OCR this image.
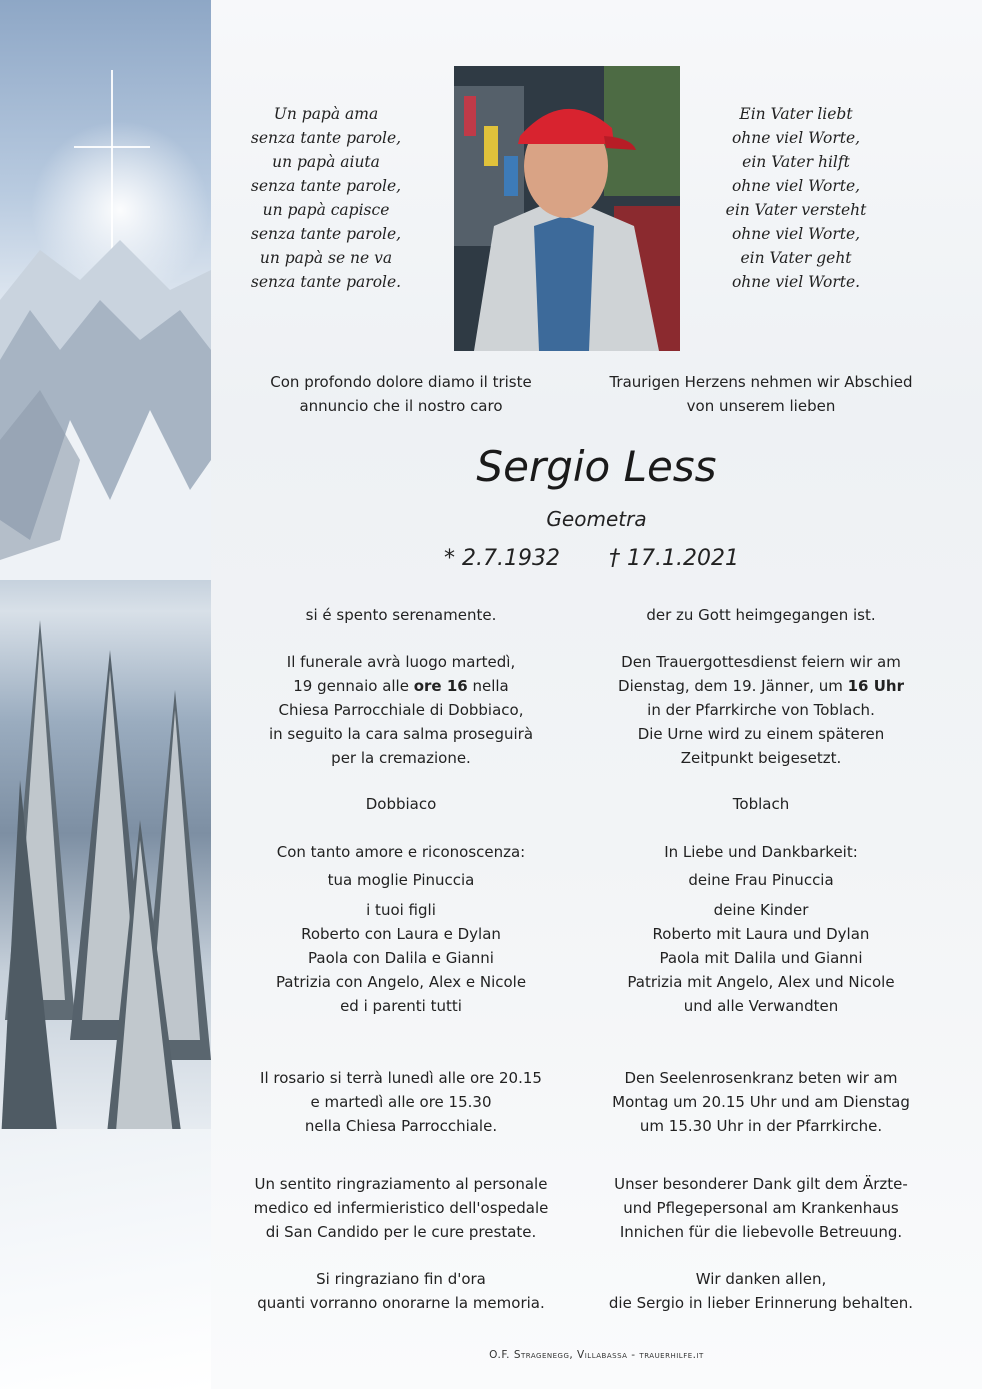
Un papà ama
senza tante parole,
un papà aiuta
senza tante parole,
un papà capisce
senza tante parole,
un papà se ne va
senza tante parole.
Ein Vater liebt
ohne viel Worte,
ein Vater hilft
ohne viel Worte,
ein Vater versteht
ohne viel Worte,
ein Vater geht
ohne viel Worte.
Con profondo dolore diamo il triste
annuncio che il nostro caro
Traurigen Herzens nehmen wir Abschied
von unserem lieben
Sergio Less
Geometra
* 2.7.1932	† 17.1.2021
si é spento serenamente.	der zu Gott heimgegangen ist.
Il funerale avrà luogo martedì,
19 gennaio alle ore 16 nella
Chiesa Parrocchiale di Dobbiaco,
in seguito la cara salma proseguirà
per la cremazione.
Den Trauergottesdienst feiern wir am
Dienstag, dem 19. Jänner, um 16 Uhr
in der Pfarrkirche von Toblach.
Die Urne wird zu einem späteren
Zeitpunkt beigesetzt.
Dobbiaco	Toblach
Con tanto amore e riconoscenza:
tua moglie Pinuccia
i tuoi figli
Roberto con Laura e Dylan
Paola con Dalila e Gianni
Patrizia con Angelo, Alex e Nicole
ed i parenti tutti
In Liebe und Dankbarkeit:
deine Frau Pinuccia
deine Kinder
Roberto mit Laura und Dylan
Paola mit Dalila und Gianni
Patrizia mit Angelo, Alex und Nicole
und alle Verwandten
Il rosario si terrà lunedì alle ore 20.15
e martedì alle ore 15.30
nella Chiesa Parrocchiale.
Den Seelenrosenkranz beten wir am
Montag um 20.15 Uhr und am Dienstag
um 15.30 Uhr in der Pfarrkirche.
Un sentito ringraziamento al personale
medico ed infermieristico dell'ospedale
di San Candido per le cure prestate.
Unser besonderer Dank gilt dem Ärzte-
und Pflegepersonal am Krankenhaus
Innichen für die liebevolle Betreuung.
Si ringraziano fin d'ora
quanti vorranno onorarne la memoria.
Wir danken allen,
die Sergio in lieber Erinnerung behalten.
O.F. Stragenegg, Villabassa - trauerhilfe.it
